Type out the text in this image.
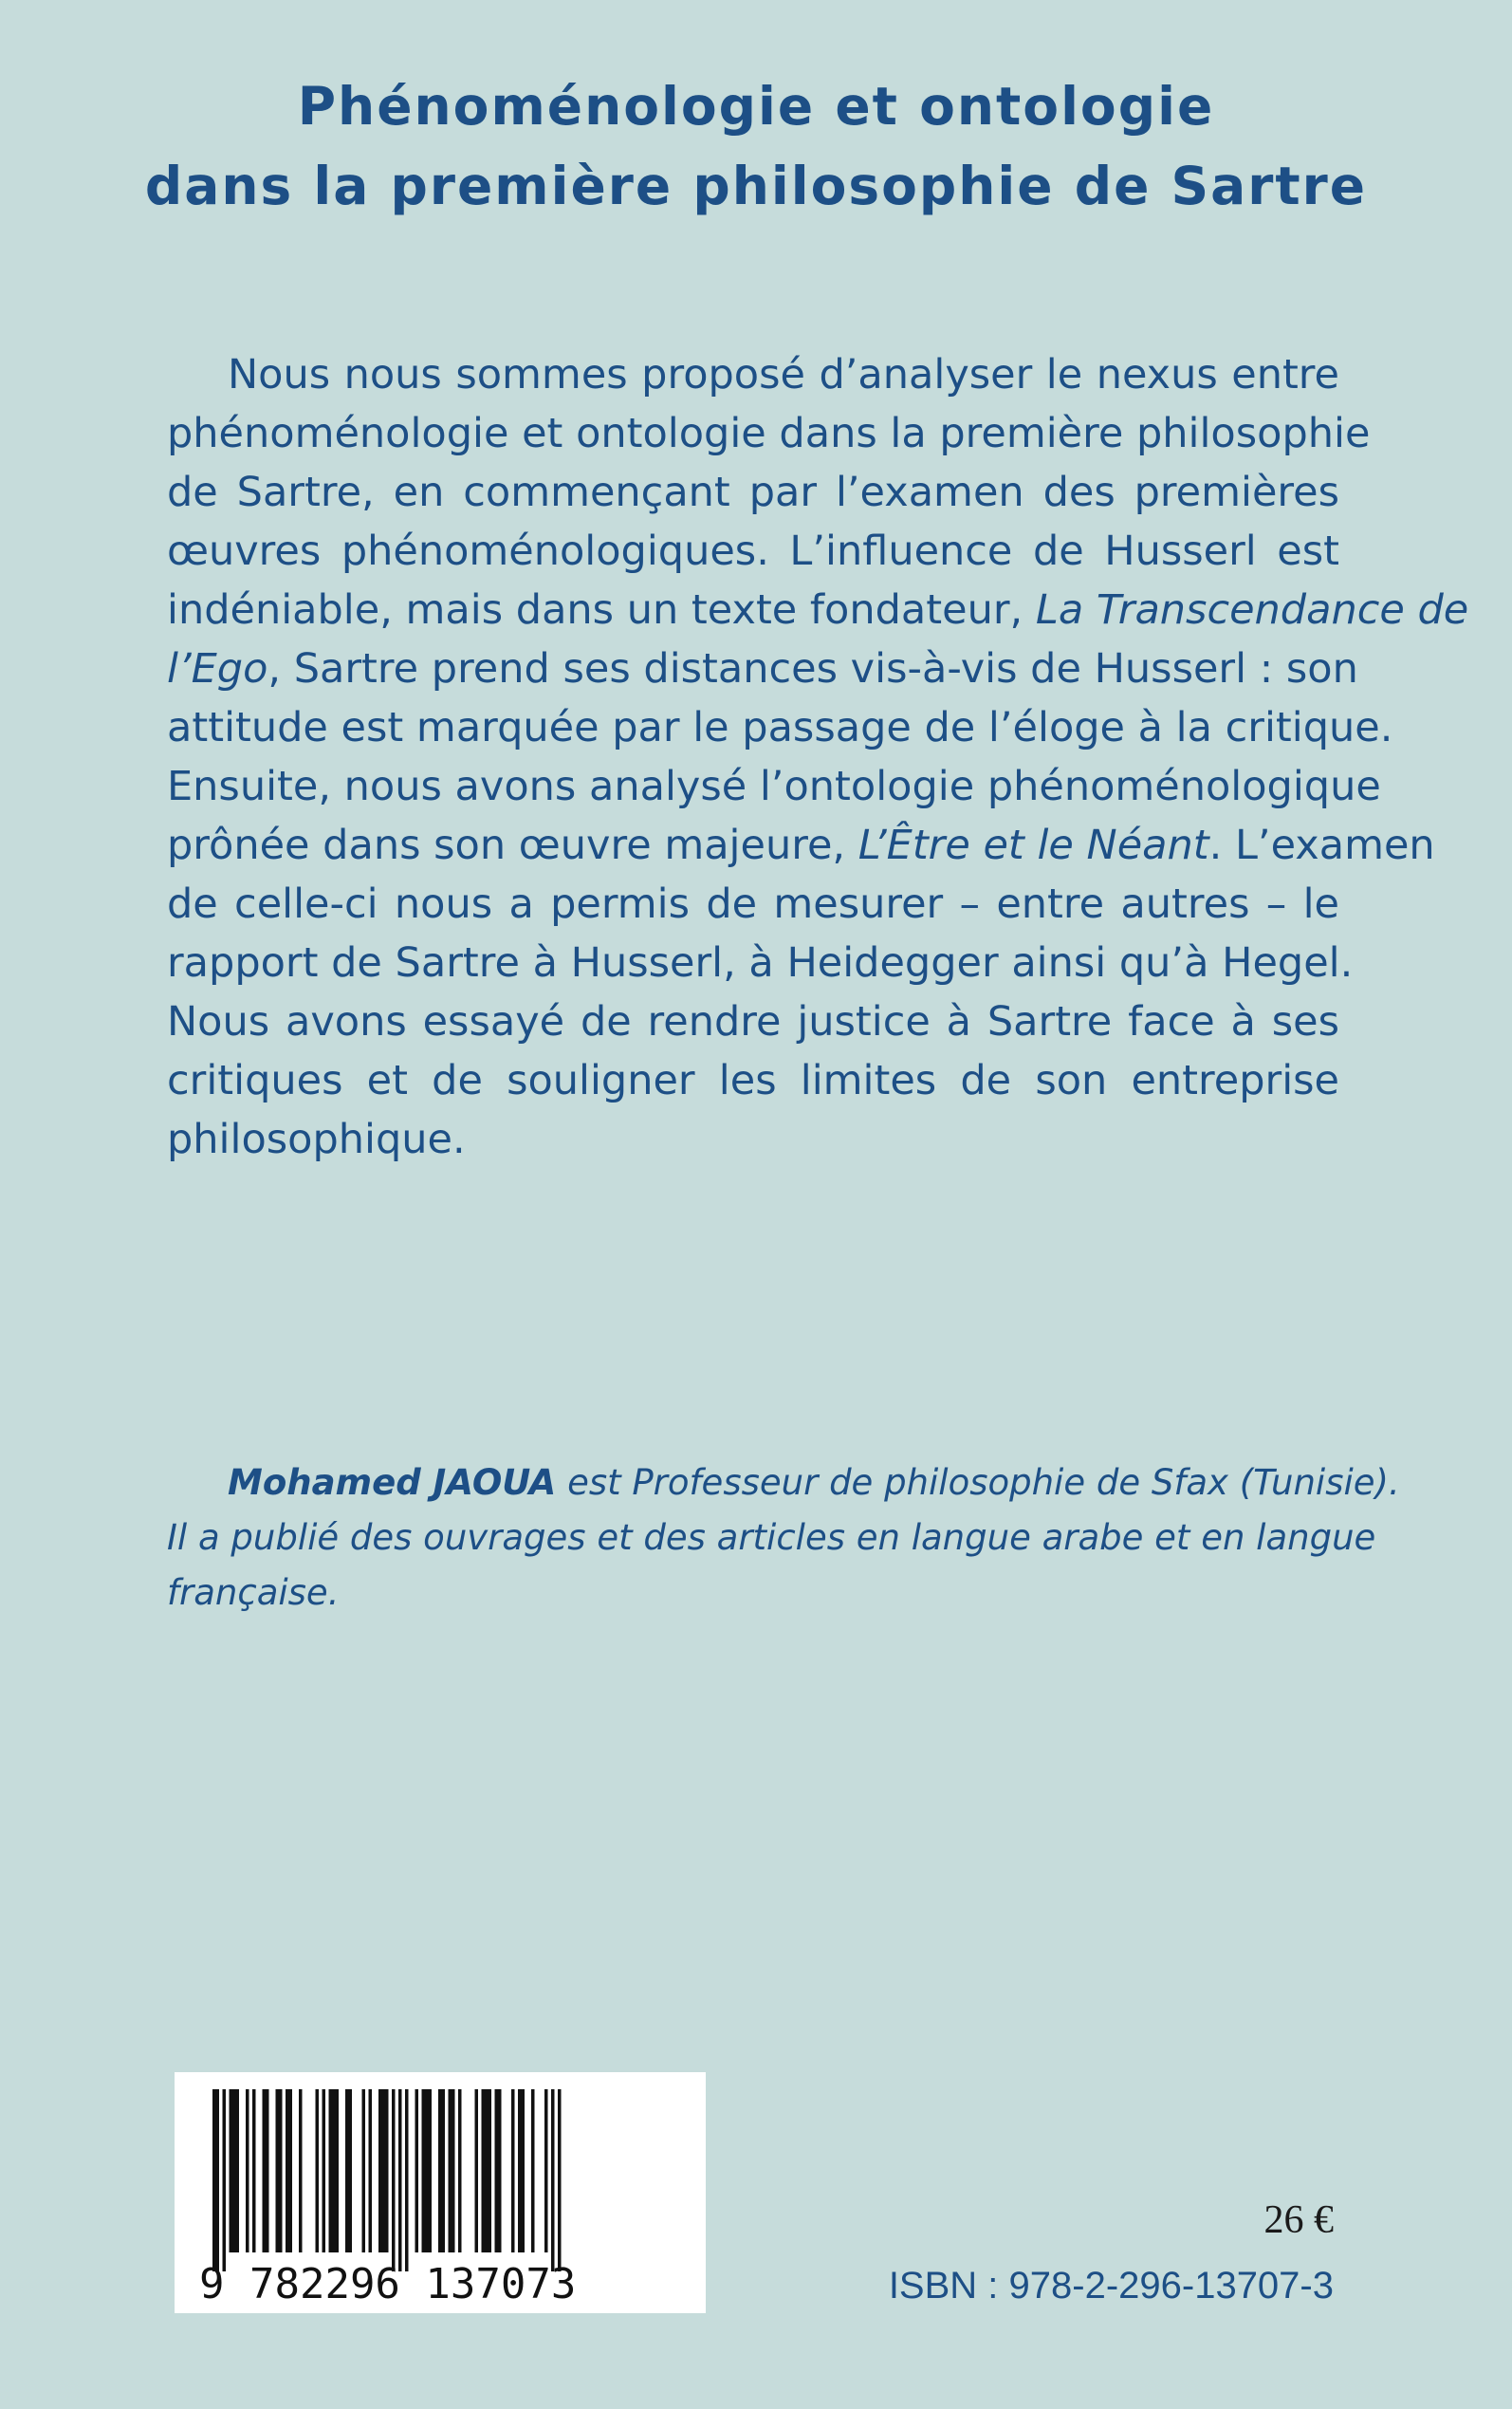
Phénoménologie et ontologie
dans la première philosophie de Sartre
Nous nous sommes proposé d’analyser le nexus entre
phénoménologie et ontologie dans la première philosophie
de Sartre, en commençant par l’examen des premières
œuvres phénoménologiques. L’influence de Husserl est
indéniable, mais dans un texte fondateur, La Transcendance de
l’Ego, Sartre prend ses distances vis-à-vis de Husserl : son
attitude est marquée par le passage de l’éloge à la critique.
Ensuite, nous avons analysé l’ontologie phénoménologique
prônée dans son œuvre majeure, L’Être et le Néant. L’examen
de celle-ci nous a permis de mesurer – entre autres – le
rapport de Sartre à Husserl, à Heidegger ainsi qu’à Hegel.
Nous avons essayé de rendre justice à Sartre face à ses
critiques et de souligner les limites de son entreprise
philosophique.
Mohamed JAOUA est Professeur de philosophie de Sfax (Tunisie).
Il a publié des ouvrages et des articles en langue arabe et en langue
française.
9 782296 137073
26 €
ISBN : 978-2-296-13707-3
